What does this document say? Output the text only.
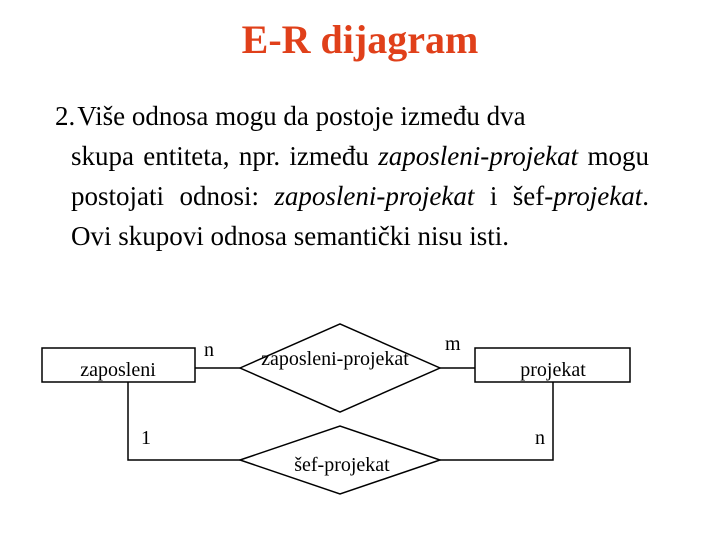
E-R dijagram
2. Više odnosa mogu da postoje između dva
skupa entiteta, npr. između zaposleni-projekat mogu postojati odnosi: zaposleni-projekat i šef-projekat. Ovi skupovi odnosa semantički nisu isti.
zaposleni	projekat
zaposleni-projekat
šef-projekat
n	m
1	n
